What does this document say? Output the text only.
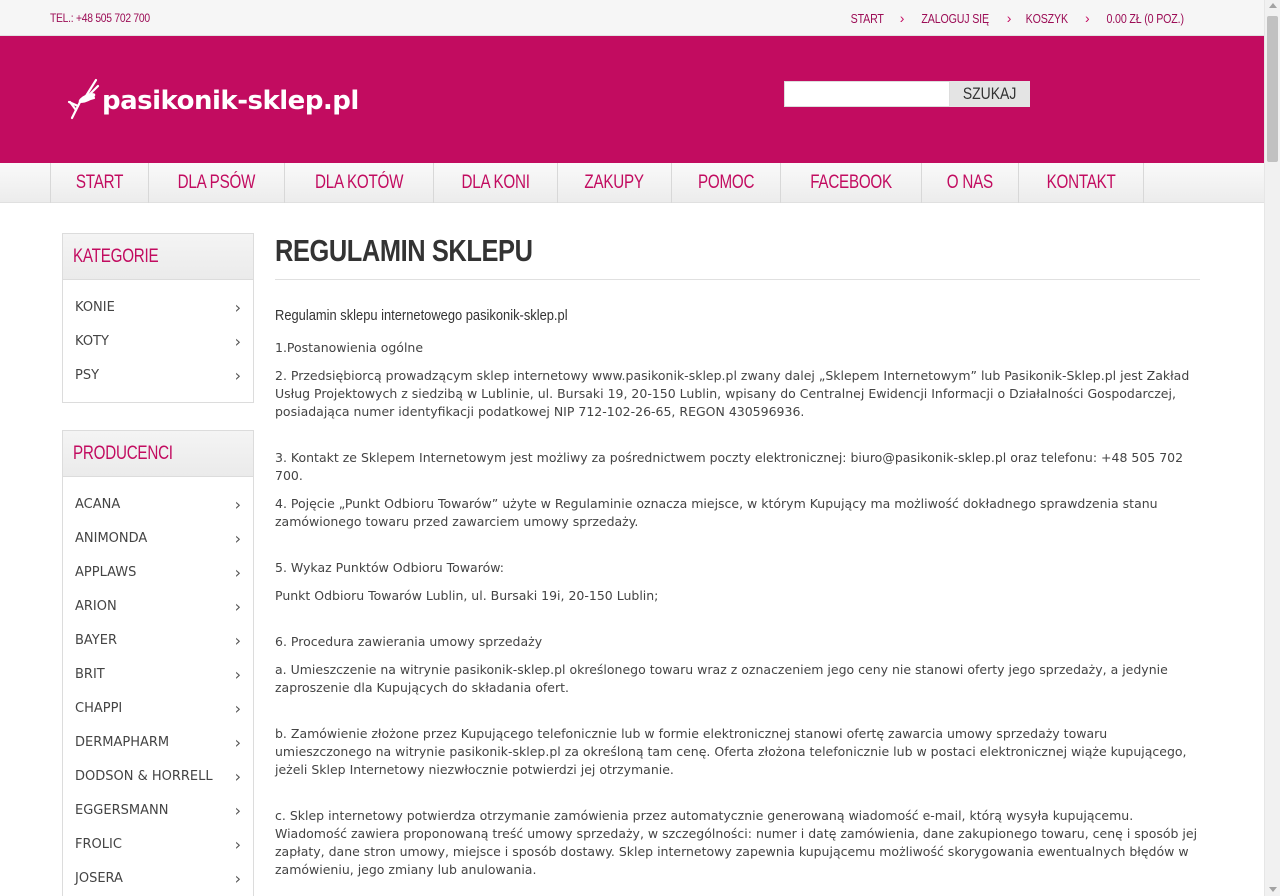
TEL.: +48 505 702 700	START › ZALOGUJ SIĘ › KOSZYK › 0.00 ZŁ (0 POZ.)
pasikonik-sklep.pl	SZUKAJ
START	DLA PSÓW	DLA KOTÓW	DLA KONI	ZAKUPY	POMOC	FACEBOOK	O NAS	KONTAKT
KATEGORIE
KONIE	›
KOTY	›
PSY	›
PRODUCENCI
ACANA	›
ANIMONDA	›
APPLAWS	›
ARION	›
BAYER	›
BRIT	›
CHAPPI	›
DERMAPHARM	›
DODSON & HORRELL ›
EGGERSMANN	›
FROLIC	›
JOSERA	›
REGULAMIN SKLEPU
Regulamin sklepu internetowego pasikonik-sklep.pl

1.Postanowienia ogólne

2. Przedsiębiorcą prowadzącym sklep internetowy www.pasikonik-sklep.pl zwany dalej „Sklepem Internetowym” lub Pasikonik-Sklep.pl jest Zakład Usług Projektowych z siedzibą w Lublinie, ul. Bursaki 19, 20-150 Lublin, wpisany do Centralnej Ewidencji Informacji o Działalności Gospodarczej, posiadająca numer identyfikacji podatkowej NIP 712-102-26-65, REGON 430596936.

3. Kontakt ze Sklepem Internetowym jest możliwy za pośrednictwem poczty elektronicznej: biuro@pasikonik-sklep.pl oraz telefonu: +48 505 702 700.

4. Pojęcie „Punkt Odbioru Towarów” użyte w Regulaminie oznacza miejsce, w którym Kupujący ma możliwość dokładnego sprawdzenia stanu zamówionego towaru przed zawarciem umowy sprzedaży.

5. Wykaz Punktów Odbioru Towarów:

Punkt Odbioru Towarów Lublin, ul. Bursaki 19i, 20-150 Lublin;

6. Procedura zawierania umowy sprzedaży

a. Umieszczenie na witrynie pasikonik-sklep.pl określonego towaru wraz z oznaczeniem jego ceny nie stanowi oferty jego sprzedaży, a jedynie zaproszenie dla Kupujących do składania ofert.

b. Zamówienie złożone przez Kupującego telefonicznie lub w formie elektronicznej stanowi ofertę zawarcia umowy sprzedaży towaru umieszczonego na witrynie pasikonik-sklep.pl za określoną tam cenę. Oferta złożona telefonicznie lub w postaci elektronicznej wiąże kupującego, jeżeli Sklep Internetowy niezwłocznie potwierdzi jej otrzymanie.

c. Sklep internetowy potwierdza otrzymanie zamówienia przez automatycznie generowaną wiadomość e-mail, którą wysyła kupującemu. Wiadomość zawiera proponowaną treść umowy sprzedaży, w szczególności: numer i datę zamówienia, dane zakupionego towaru, cenę i sposób jej zapłaty, dane stron umowy, miejsce i sposób dostawy. Sklep internetowy zapewnia kupującemu możliwość skorygowania ewentualnych błędów w zamówieniu, jego zmiany lub anulowania.
